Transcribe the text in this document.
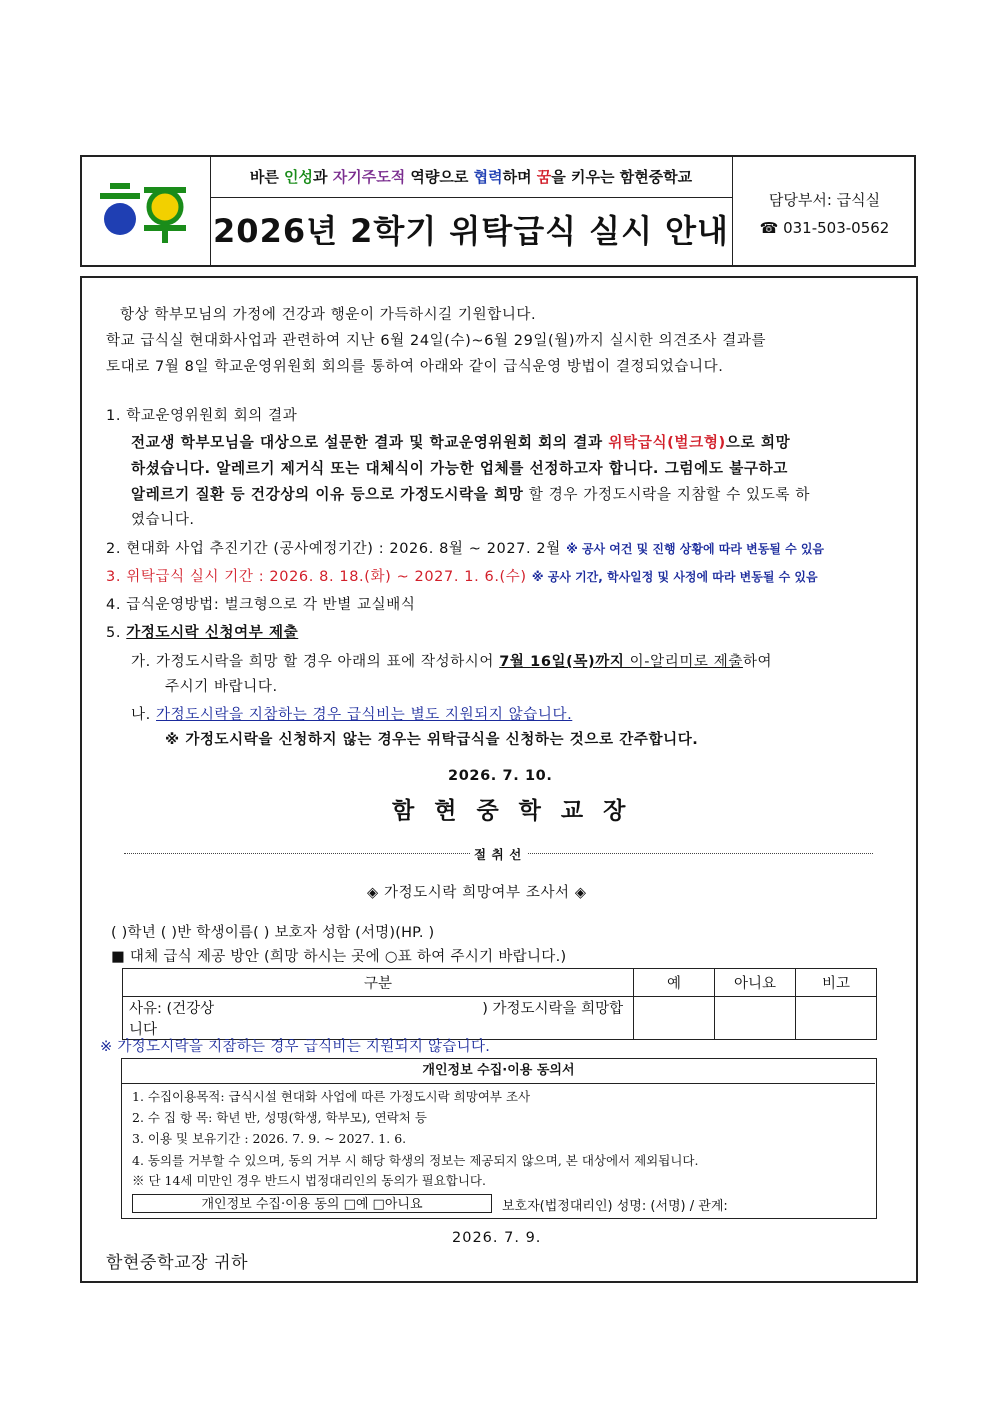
바른 인성과 자기주도적 역량으로 협력하며 꿈을 키우는 함현중학교
2026년 2학기 위탁급식 실시 안내
담당부서: 급식실
☎ 031-503-0562
항상 학부모님의 가정에 건강과 행운이 가득하시길 기원합니다.
학교 급식실 현대화사업과 관련하여 지난 6월 24일(수)~6월 29일(월)까지 실시한 의견조사 결과를
토대로 7월 8일 학교운영위원회 회의를 통하여 아래와 같이 급식운영 방법이 결정되었습니다.
1. 학교운영위원회 회의 결과
전교생 학부모님을 대상으로 설문한 결과 및 학교운영위원회 회의 결과 위탁급식(벌크형)으로 희망
하셨습니다. 알레르기 제거식 또는 대체식이 가능한 업체를 선정하고자 합니다. 그럼에도 불구하고
알레르기 질환 등 건강상의 이유 등으로 가정도시락을 희망 할 경우 가정도시락을 지참할 수 있도록 하
였습니다.
2. 현대화 사업 추진기간 (공사예정기간) : 2026. 8월 ~ 2027. 2월 ※ 공사 여건 및 진행 상황에 따라 변동될 수 있음
3. 위탁급식 실시 기간 : 2026. 8. 18.(화) ~ 2027. 1. 6.(수) ※ 공사 기간, 학사일정 및 사정에 따라 변동될 수 있음
4. 급식운영방법: 벌크형으로 각 반별 교실배식
5. 가정도시락 신청여부 제출
가. 가정도시락을 희망 할 경우 아래의 표에 작성하시어 7월 16일(목)까지 이-알리미로 제출하여
주시기 바랍니다.
나. 가정도시락을 지참하는 경우 급식비는 별도 지원되지 않습니다.
※ 가정도시락을 신청하지 않는 경우는 위탁급식을 신청하는 것으로 간주합니다.
2026. 7. 10.
함 현 중 학 교 장
절 취 선
◈ 가정도시락 희망여부 조사서 ◈
( )학년 ( )반 학생이름( ) 보호자 성함 (서명)(HP. )
■ 대체 급식 제공 방안 (희망 하시는 곳에 ○표 하여 주시기 바랍니다.)
구분	예	아니요	비고
사유: (건강상 ) 가정도시락을 희망합니다			
※ 가정도시락을 지참하는 경우 급식비는 지원되지 않습니다.
개인정보 수집·이용 동의서
1. 수집이용목적: 급식시설 현대화 사업에 따른 가정도시락 희망여부 조사
2. 수 집 항 목: 학년 반, 성명(학생, 학부모), 연락처 등
3. 이용 및 보유기간 : 2026. 7. 9. ~ 2027. 1. 6.
4. 동의를 거부할 수 있으며, 동의 거부 시 해당 학생의 정보는 제공되지 않으며, 본 대상에서 제외됩니다.
※ 단 14세 미만인 경우 반드시 법정대리인의 동의가 필요합니다.
개인정보 수집·이용 동의 □예 □아니요	보호자(법정대리인) 성명: (서명) / 관계:
2026. 7. 9.
함현중학교장 귀하
